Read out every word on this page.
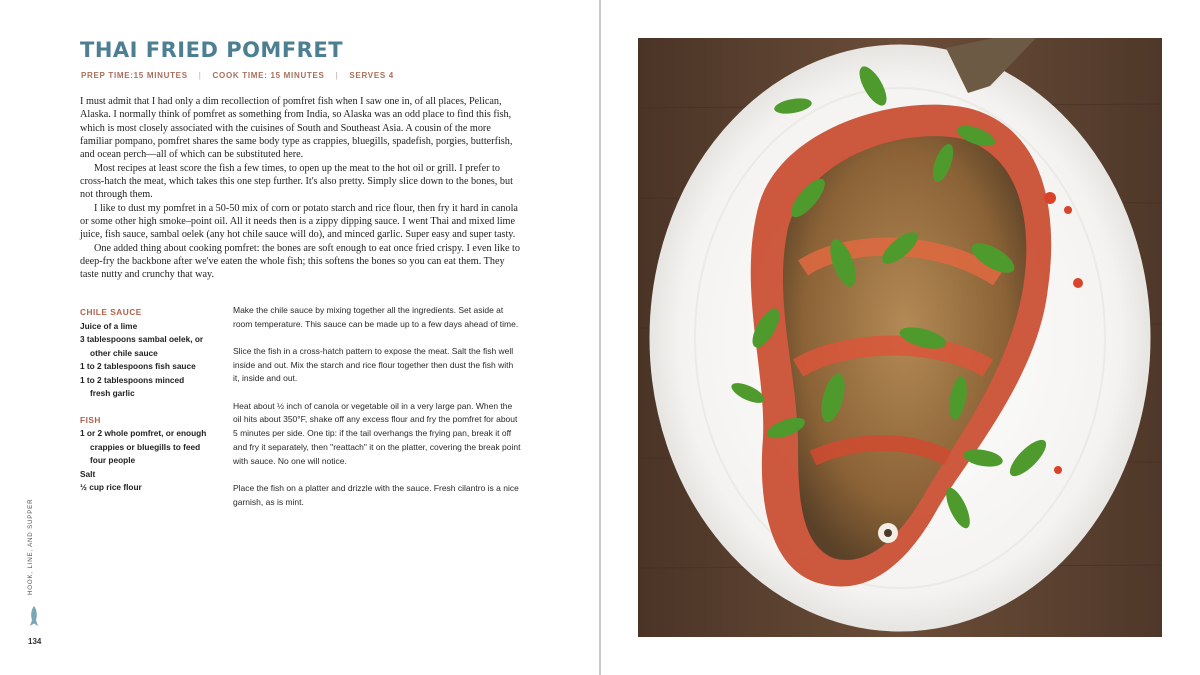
THAI FRIED POMFRET
PREP TIME:15 MINUTES | COOK TIME: 15 MINUTES | SERVES 4

I must admit that I had only a dim recollection of pomfret fish when I saw one in, of all places, Pelican, Alaska. I normally think of pomfret as something from India, so Alaska was an odd place to find this fish, which is most closely associated with the cuisines of South and Southeast Asia. A cousin of the more familiar pompano, pomfret shares the same body type as crappies, bluegills, spadefish, porgies, butterfish, and ocean perch—all of which can be substituted here.

Most recipes at least score the fish a few times, to open up the meat to the hot oil or grill. I prefer to cross-hatch the meat, which takes this one step further. It's also pretty. Simply slice down to the bones, but not through them.

I like to dust my pomfret in a 50-50 mix of corn or potato starch and rice flour, then fry it hard in canola or some other high smoke–point oil. All it needs then is a zippy dipping sauce. I went Thai and mixed lime juice, fish sauce, sambal oelek (any hot chile sauce will do), and minced garlic. Super easy and super tasty.

One added thing about cooking pomfret: the bones are soft enough to eat once fried crispy. I even like to deep-fry the backbone after we've eaten the whole fish; this softens the bones so you can eat them. They taste nutty and crunchy that way.

CHILE SAUCE
Juice of a lime
3 tablespoons sambal oelek, or
other chile sauce
1 to 2 tablespoons fish sauce
1 to 2 tablespoons minced
fresh garlic
FISH
1 or 2 whole pomfret, or enough
crappies or bluegills to feed
four people
Salt
½ cup rice flour

Make the chile sauce by mixing together all the ingredients. Set aside at room temperature. This sauce can be made up to a few days ahead of time.

Slice the fish in a cross-hatch pattern to expose the meat. Salt the fish well inside and out. Mix the starch and rice flour together then dust the fish with it, inside and out.

Heat about ½ inch of canola or vegetable oil in a very large pan. When the oil hits about 350°F, shake off any excess flour and fry the pomfret for about 5 minutes per side. One tip: if the tail overhangs the frying pan, break it off and fry it separately, then "reattach" it on the platter, covering the break point with sauce. No one will notice.

Place the fish on a platter and drizzle with the sauce. Fresh cilantro is a nice garnish, as is mint.

HOOK, LINE, AND SUPPER
134
